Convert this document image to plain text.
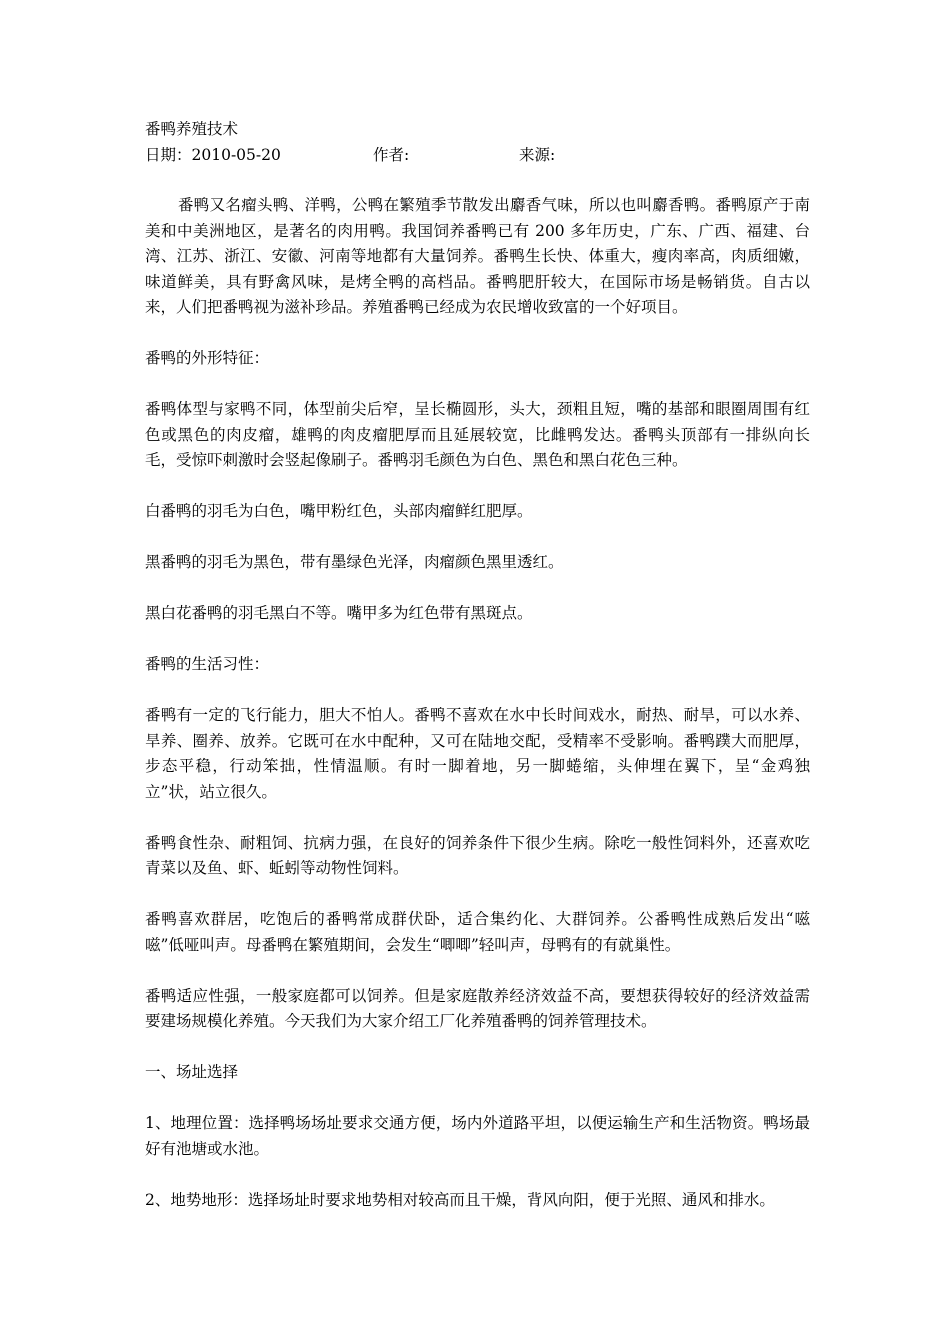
番鸭养殖技术
日期：2010-05-20	作者:	来源:

番鸭又名瘤头鸭、洋鸭，公鸭在繁殖季节散发出麝香气味，所以也叫麝香鸭。番鸭原产于南美和中美洲地区，是著名的肉用鸭。我国饲养番鸭已有 200 多年历史，广东、广西、福建、台湾、江苏、浙江、安徽、河南等地都有大量饲养。番鸭生长快、体重大，瘦肉率高，肉质细嫩，味道鲜美，具有野禽风味，是烤全鸭的高档品。番鸭肥肝较大，在国际市场是畅销货。自古以来，人们把番鸭视为滋补珍品。养殖番鸭已经成为农民增收致富的一个好项目。

番鸭的外形特征：

番鸭体型与家鸭不同，体型前尖后窄，呈长椭圆形，头大，颈粗且短，嘴的基部和眼圈周围有红色或黑色的肉皮瘤，雄鸭的肉皮瘤肥厚而且延展较宽，比雌鸭发达。番鸭头顶部有一排纵向长毛，受惊吓刺激时会竖起像刷子。番鸭羽毛颜色为白色、黑色和黑白花色三种。

白番鸭的羽毛为白色，嘴甲粉红色，头部肉瘤鲜红肥厚。

黑番鸭的羽毛为黑色，带有墨绿色光泽，肉瘤颜色黑里透红。

黑白花番鸭的羽毛黑白不等。嘴甲多为红色带有黑斑点。

番鸭的生活习性：

番鸭有一定的飞行能力，胆大不怕人。番鸭不喜欢在水中长时间戏水，耐热、耐旱，可以水养、旱养、圈养、放养。它既可在水中配种，又可在陆地交配，受精率不受影响。番鸭蹼大而肥厚，步态平稳，行动笨拙，性情温顺。有时一脚着地，另一脚蜷缩，头伸埋在翼下，呈“金鸡独立”状，站立很久。

番鸭食性杂、耐粗饲、抗病力强，在良好的饲养条件下很少生病。除吃一般性饲料外，还喜欢吃青菜以及鱼、虾、蚯蚓等动物性饲料。

番鸭喜欢群居，吃饱后的番鸭常成群伏卧，适合集约化、大群饲养。公番鸭性成熟后发出“嗞嗞”低哑叫声。母番鸭在繁殖期间，会发生“唧唧”轻叫声，母鸭有的有就巢性。

番鸭适应性强，一般家庭都可以饲养。但是家庭散养经济效益不高，要想获得较好的经济效益需要建场规模化养殖。今天我们为大家介绍工厂化养殖番鸭的饲养管理技术。

一、场址选择

1、地理位置：选择鸭场场址要求交通方便，场内外道路平坦，以便运输生产和生活物资。鸭场最好有池塘或水池。

2、地势地形：选择场址时要求地势相对较高而且干燥，背风向阳，便于光照、通风和排水。
